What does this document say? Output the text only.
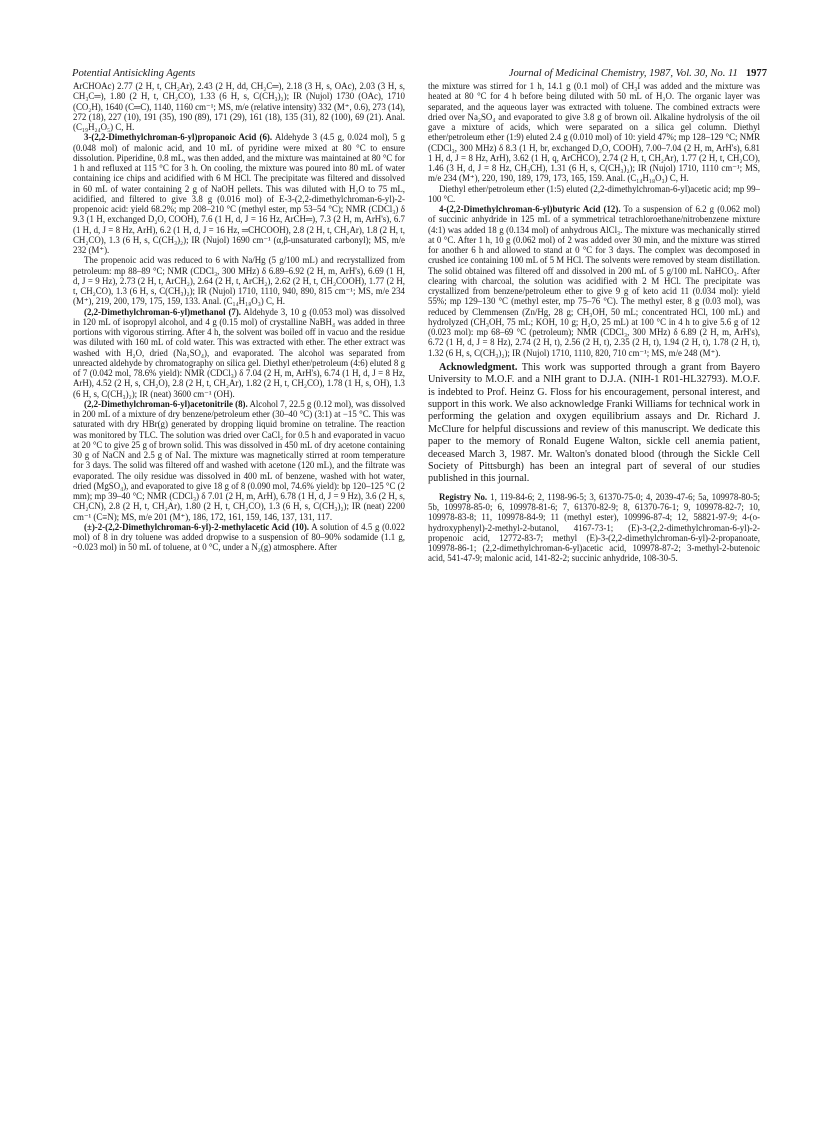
Potential Antisickling Agents	Journal of Medicinal Chemistry, 1987, Vol. 30, No. 11 1977

ArCHOAc) 2.77 (2 H, t, CH₂Ar), 2.43 (2 H, dd, CH₂C═), 2.18 (3 H, s, OAc), 2.03 (3 H, s, CH₃C═), 1.80 (2 H, t, CH₂CO), 1.33 (6 H, s, C(CH₃)₂); IR (Nujol) 1730 (OAc), 1710 (CO₂H), 1640 (C═C), 1140, 1160 cm⁻¹; MS, m/e (relative intensity) 332 (M⁺, 0.6), 273 (14), 272 (18), 227 (10), 191 (35), 190 (89), 171 (29), 161 (18), 135 (31), 82 (100), 69 (21). Anal. (C₁₉H₂₄O₅) C, H.

3-(2,2-Dimethylchroman-6-yl)propanoic Acid (6). Aldehyde 3 (4.5 g, 0.024 mol), 5 g (0.048 mol) of malonic acid, and 10 mL of pyridine were mixed at 80 °C to ensure dissolution. Piperidine, 0.8 mL, was then added, and the mixture was maintained at 80 °C for 1 h and refluxed at 115 °C for 3 h. On cooling, the mixture was poured into 80 mL of water containing ice chips and acidified with 6 M HCl. The precipitate was filtered and dissolved in 60 mL of water containing 2 g of NaOH pellets. This was diluted with H₂O to 75 mL, acidified, and filtered to give 3.8 g (0.016 mol) of E-3-(2,2-dimethylchroman-6-yl)-2-propenoic acid: yield 68.2%; mp 208–210 °C (methyl ester, mp 53–54 °C); NMR (CDCl₃) δ 9.3 (1 H, exchanged D₂O, COOH), 7.6 (1 H, d, J = 16 Hz, ArCH═), 7.3 (2 H, m, ArH's), 6.7 (1 H, d, J = 8 Hz, ArH), 6.2 (1 H, d, J = 16 Hz, ═CHCOOH), 2.8 (2 H, t, CH₂Ar), 1.8 (2 H, t, CH₂CO), 1.3 (6 H, s, C(CH₃)₂); IR (Nujol) 1690 cm⁻¹ (α,β-unsaturated carbonyl); MS, m/e 232 (M⁺).

The propenoic acid was reduced to 6 with Na/Hg (5 g/100 mL) and recrystallized from petroleum: mp 88–89 °C; NMR (CDCl₃, 300 MHz) δ 6.89–6.92 (2 H, m, ArH's), 6.69 (1 H, d, J = 9 Hz), 2.73 (2 H, t, ArCH₂), 2.64 (2 H, t, ArCH₂), 2.62 (2 H, t, CH₂COOH), 1.77 (2 H, t, CH₂CO), 1.3 (6 H, s, C(CH₃)₂); IR (Nujol) 1710, 1110, 940, 890, 815 cm⁻¹; MS, m/e 234 (M⁺), 219, 200, 179, 175, 159, 133. Anal. (C₁₄H₁₈O₃) C, H.

(2,2-Dimethylchroman-6-yl)methanol (7). Aldehyde 3, 10 g (0.053 mol) was dissolved in 120 mL of isopropyl alcohol, and 4 g (0.15 mol) of crystalline NaBH₄ was added in three portions with vigorous stirring. After 4 h, the solvent was boiled off in vacuo and the residue was diluted with 160 mL of cold water. This was extracted with ether. The ether extract was washed with H₂O, dried (Na₂SO₄), and evaporated. The alcohol was separated from unreacted aldehyde by chromatography on silica gel. Diethyl ether/petroleum (4:6) eluted 8 g of 7 (0.042 mol, 78.6% yield): NMR (CDCl₃) δ 7.04 (2 H, m, ArH's), 6.74 (1 H, d, J = 8 Hz, ArH), 4.52 (2 H, s, CH₂O), 2.8 (2 H, t, CH₂Ar), 1.82 (2 H, t, CH₂CO), 1.78 (1 H, s, OH), 1.3 (6 H, s, C(CH₃)₂); IR (neat) 3600 cm⁻¹ (OH).

(2,2-Dimethylchroman-6-yl)acetonitrile (8). Alcohol 7, 22.5 g (0.12 mol), was dissolved in 200 mL of a mixture of dry benzene/petroleum ether (30–40 °C) (3:1) at −15 °C. This was saturated with dry HBr(g) generated by dropping liquid bromine on tetraline. The reaction was monitored by TLC. The solution was dried over CaCl₂ for 0.5 h and evaporated in vacuo at 20 °C to give 25 g of brown solid. This was dissolved in 450 mL of dry acetone containing 30 g of NaCN and 2.5 g of NaI. The mixture was magnetically stirred at room temperature for 3 days. The solid was filtered off and washed with acetone (120 mL), and the filtrate was evaporated. The oily residue was dissolved in 400 mL of benzene, washed with hot water, dried (MgSO₄), and evaporated to give 18 g of 8 (0.090 mol, 74.6% yield): bp 120–125 °C (2 mm); mp 39–40 °C; NMR (CDCl₃) δ 7.01 (2 H, m, ArH), 6.78 (1 H, d, J = 9 Hz), 3.6 (2 H, s, CH₂CN), 2.8 (2 H, t, CH₂Ar), 1.80 (2 H, t, CH₂CO), 1.3 (6 H, s, C(CH₃)₂); IR (neat) 2200 cm⁻¹ (C≡N); MS, m/e 201 (M⁺), 186, 172, 161, 159, 146, 137, 131, 117.

(±)-2-(2,2-Dimethylchroman-6-yl)-2-methylacetic Acid (10). A solution of 4.5 g (0.022 mol) of 8 in dry toluene was added dropwise to a suspension of 80–90% sodamide (1.1 g, ~0.023 mol) in 50 mL of toluene, at 0 °C, under a N₂(g) atmosphere. After

the mixture was stirred for 1 h, 14.1 g (0.1 mol) of CH₃I was added and the mixture was heated at 80 °C for 4 h before being diluted with 50 mL of H₂O. The organic layer was separated, and the aqueous layer was extracted with toluene. The combined extracts were dried over Na₂SO₄ and evaporated to give 3.8 g of brown oil. Alkaline hydrolysis of the oil gave a mixture of acids, which were separated on a silica gel column. Diethyl ether/petroleum ether (1:9) eluted 2.4 g (0.010 mol) of 10: yield 47%; mp 128–129 °C; NMR (CDCl₃, 300 MHz) δ 8.3 (1 H, br, exchanged D₂O, COOH), 7.00–7.04 (2 H, m, ArH's), 6.81 1 H, d, J = 8 Hz, ArH), 3.62 (1 H, q, ArCHCO), 2.74 (2 H, t, CH₂Ar), 1.77 (2 H, t, CH₂CO), 1.46 (3 H, d, J = 8 Hz, CH₃CH), 1.31 (6 H, s, C(CH₃)₂); IR (Nujol) 1710, 1110 cm⁻¹; MS, m/e 234 (M⁺), 220, 190, 189, 179, 173, 165, 159. Anal. (C₁₄H₁₈O₃) C, H.

Diethyl ether/petroleum ether (1:5) eluted (2,2-dimethylchroman-6-yl)acetic acid; mp 99–100 °C.

4-(2,2-Dimethylchroman-6-yl)butyric Acid (12). To a suspension of 6.2 g (0.062 mol) of succinic anhydride in 125 mL of a symmetrical tetrachloroethane/nitrobenzene mixture (4:1) was added 18 g (0.134 mol) of anhydrous AlCl₃. The mixture was mechanically stirred at 0 °C. After 1 h, 10 g (0.062 mol) of 2 was added over 30 min, and the mixture was stirred for another 6 h and allowed to stand at 0 °C for 3 days. The complex was decomposed in crushed ice containing 100 mL of 5 M HCl. The solvents were removed by steam distillation. The solid obtained was filtered off and dissolved in 200 mL of 5 g/100 mL NaHCO₃. After clearing with charcoal, the solution was acidified with 2 M HCl. The precipitate was crystallized from benzene/petroleum ether to give 9 g of keto acid 11 (0.034 mol): yield 55%; mp 129–130 °C (methyl ester, mp 75–76 °C). The methyl ester, 8 g (0.03 mol), was reduced by Clemmensen (Zn/Hg, 28 g; CH₃OH, 50 mL; concentrated HCl, 100 mL) and hydrolyzed (CH₃OH, 75 mL; KOH, 10 g; H₂O, 25 mL) at 100 °C in 4 h to give 5.6 g of 12 (0.023 mol): mp 68–69 °C (petroleum); NMR (CDCl₃, 300 MHz) δ 6.89 (2 H, m, ArH's), 6.72 (1 H, d, J = 8 Hz), 2.74 (2 H, t), 2.56 (2 H, t), 2.35 (2 H, t), 1.94 (2 H, t), 1.78 (2 H, t), 1.32 (6 H, s, C(CH₃)₂); IR (Nujol) 1710, 1110, 820, 710 cm⁻¹; MS, m/e 248 (M⁺).

Acknowledgment. This work was supported through a grant from Bayero University to M.O.F. and a NIH grant to D.J.A. (NIH-1 R01-HL32793). M.O.F. is indebted to Prof. Heinz G. Floss for his encouragement, personal interest, and support in this work. We also acknowledge Franki Williams for technical work in performing the gelation and oxygen equilibrium assays and Dr. Richard J. McClure for helpful discussions and review of this manuscript. We dedicate this paper to the memory of Ronald Eugene Walton, sickle cell anemia patient, deceased March 3, 1987. Mr. Walton's donated blood (through the Sickle Cell Society of Pittsburgh) has been an integral part of several of our studies published in this journal.

Registry No. 1, 119-84-6; 2, 1198-96-5; 3, 61370-75-0; 4, 2039-47-6; 5a, 109978-80-5; 5b, 109978-85-0; 6, 109978-81-6; 7, 61370-82-9; 8, 61370-76-1; 9, 109978-82-7; 10, 109978-83-8; 11, 109978-84-9; 11 (methyl ester), 109996-87-4; 12, 58821-97-9; 4-(o-hydroxyphenyl)-2-methyl-2-butanol, 4167-73-1; (E)-3-(2,2-dimethylchroman-6-yl)-2-propenoic acid, 12772-83-7; methyl (E)-3-(2,2-dimethylchroman-6-yl)-2-propanoate, 109978-86-1; (2,2-dimethylchroman-6-yl)acetic acid, 109978-87-2; 3-methyl-2-butenoic acid, 541-47-9; malonic acid, 141-82-2; succinic anhydride, 108-30-5.
